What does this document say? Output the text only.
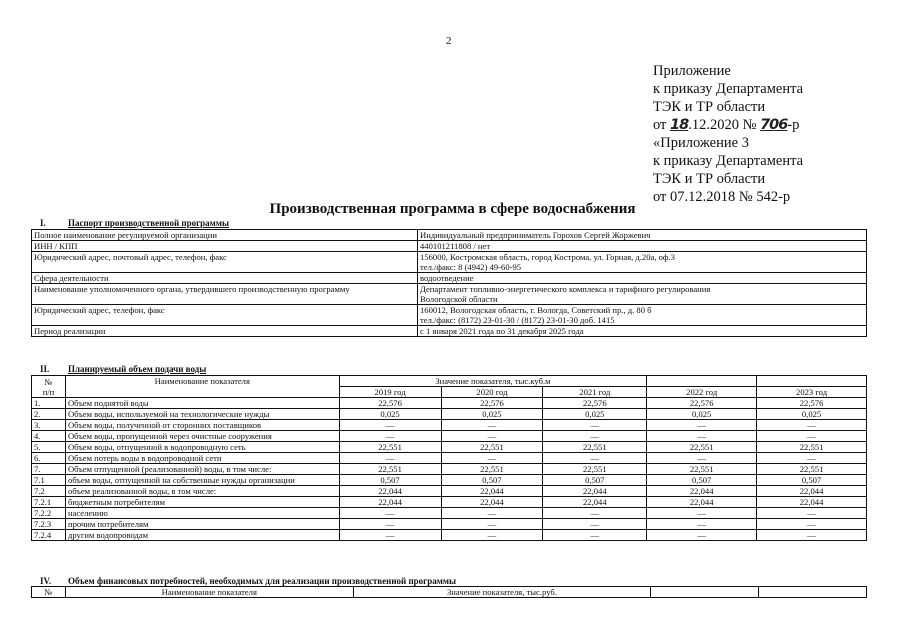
2
Приложение
к приказу Департамента
ТЭК и ТР области
от 18.12.2020 № 706-р
«Приложение 3
к приказу Департамента
ТЭК и ТР области
от 07.12.2018 № 542-р
Производственная программа в сфере водоснабжения
I. Паспорт производственной программы
Полное наименование регулируемой организации	Индивидуальный предприниматель Горохов Сергей Жоржевич

ИНН / КПП	440101211808 / нет

Юридический адрес, почтовый адрес, телефон, факс	156000, Костромская область, город Кострома, ул. Горная, д.20а, оф.3
тел./факс: 8 (4942) 49-60-95

Сфера деятельности	водоотведение

Наименование уполномоченного органа, утвердившего производственную программу	Департамент топливно-энергетического комплекса и тарифного регулирования
Вологодской области

Юридический адрес, телефон, факс	160012, Вологодская область, г. Вологда, Советский пр., д. 80 б
тел./факс: (8172) 23-01-30 / (8172) 23-01-30 доб. 1415

Период реализации	с 1 января 2021 года по 31 декабря 2025 года
II. Планируемый объем подачи воды
№
п/п	Наименование показателя	Значение показателя, тыс.куб.м				
		2019 год	2020 год	2021 год	2022 год	2023 год
1.	Объем поднятой воды	22,576	22,576	22,576	22,576	22,576
2.	Объем воды, используемой на технологические нужды	0,025	0,025	0,025	0,025	0,025
3.	Объем воды, полученной от сторонних поставщиков	—	—	—	—	—
4.	Объем воды, пропущенной через очистные сооружения	—	—	—	—	—
5.	Объем воды, отпущенной в водопроводную сеть	22,551	22,551	22,551	22,551	22,551
6.	Объем потерь воды в водопроводной сети	—	—	—	—	—
7.	Объем отпущенной (реализованной) воды, в том числе:	22,551	22,551	22,551	22,551	22,551
7.1	объем воды, отпущенной на собственные нужды организации	0,507	0,507	0,507	0,507	0,507
7.2	объем реализованной воды, в том числе:	22,044	22,044	22,044	22,044	22,044
7.2.1	бюджетным потребителям	22,044	22,044	22,044	22,044	22,044
7.2.2	населению	—	—	—	—	—
7.2.3	прочим потребителям	—	—	—	—	—
7.2.4	другим водопроводам	—	—	—	—	—
IV. Объем финансовых потребностей, необходимых для реализации производственной программы
№	Наименование показателя	Значение показателя, тыс.руб.		
